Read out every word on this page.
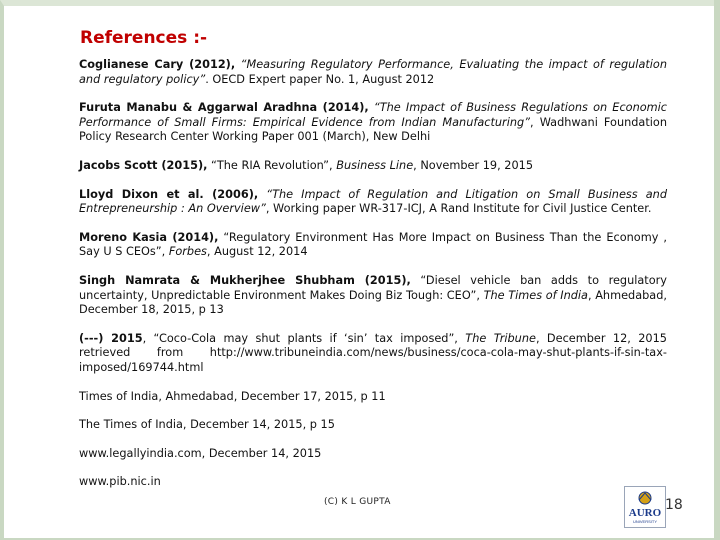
References :-

Coglianese Cary (2012), “Measuring Regulatory Performance, Evaluating the impact of regulation and regulatory policy”. OECD Expert paper No. 1, August 2012

Furuta Manabu & Aggarwal Aradhna (2014), “The Impact of Business Regulations on Economic Performance of Small Firms: Empirical Evidence from Indian Manufacturing”, Wadhwani Foundation Policy Research Center Working Paper 001 (March), New Delhi

Jacobs Scott (2015), “The RIA Revolution”, Business Line, November 19, 2015

Lloyd Dixon et al. (2006), “The Impact of Regulation and Litigation on Small Business and Entrepreneurship : An Overview”, Working paper WR-317-ICJ, A Rand Institute for Civil Justice Center.

Moreno Kasia (2014), “Regulatory Environment Has More Impact on Business Than the Economy , Say U S CEOs”, Forbes, August 12, 2014

Singh Namrata & Mukherjhee Shubham (2015), “Diesel vehicle ban adds to regulatory uncertainty, Unpredictable Environment Makes Doing Biz Tough: CEO”, The Times of India, Ahmedabad, December 18, 2015, p 13

(---) 2015, “Coco-Cola may shut plants if ‘sin’ tax imposed”, The Tribune, December 12, 2015 retrieved from http://www.tribuneindia.com/news/business/coca-cola-may-shut-plants-if-sin-tax-imposed/169744.html

Times of India, Ahmedabad, December 17, 2015, p 11

The Times of India, December 14, 2015, p 15

www.legallyindia.com, December 14, 2015

www.pib.nic.in

(C) K L GUPTA
AURO
UNIVERSITY
18
